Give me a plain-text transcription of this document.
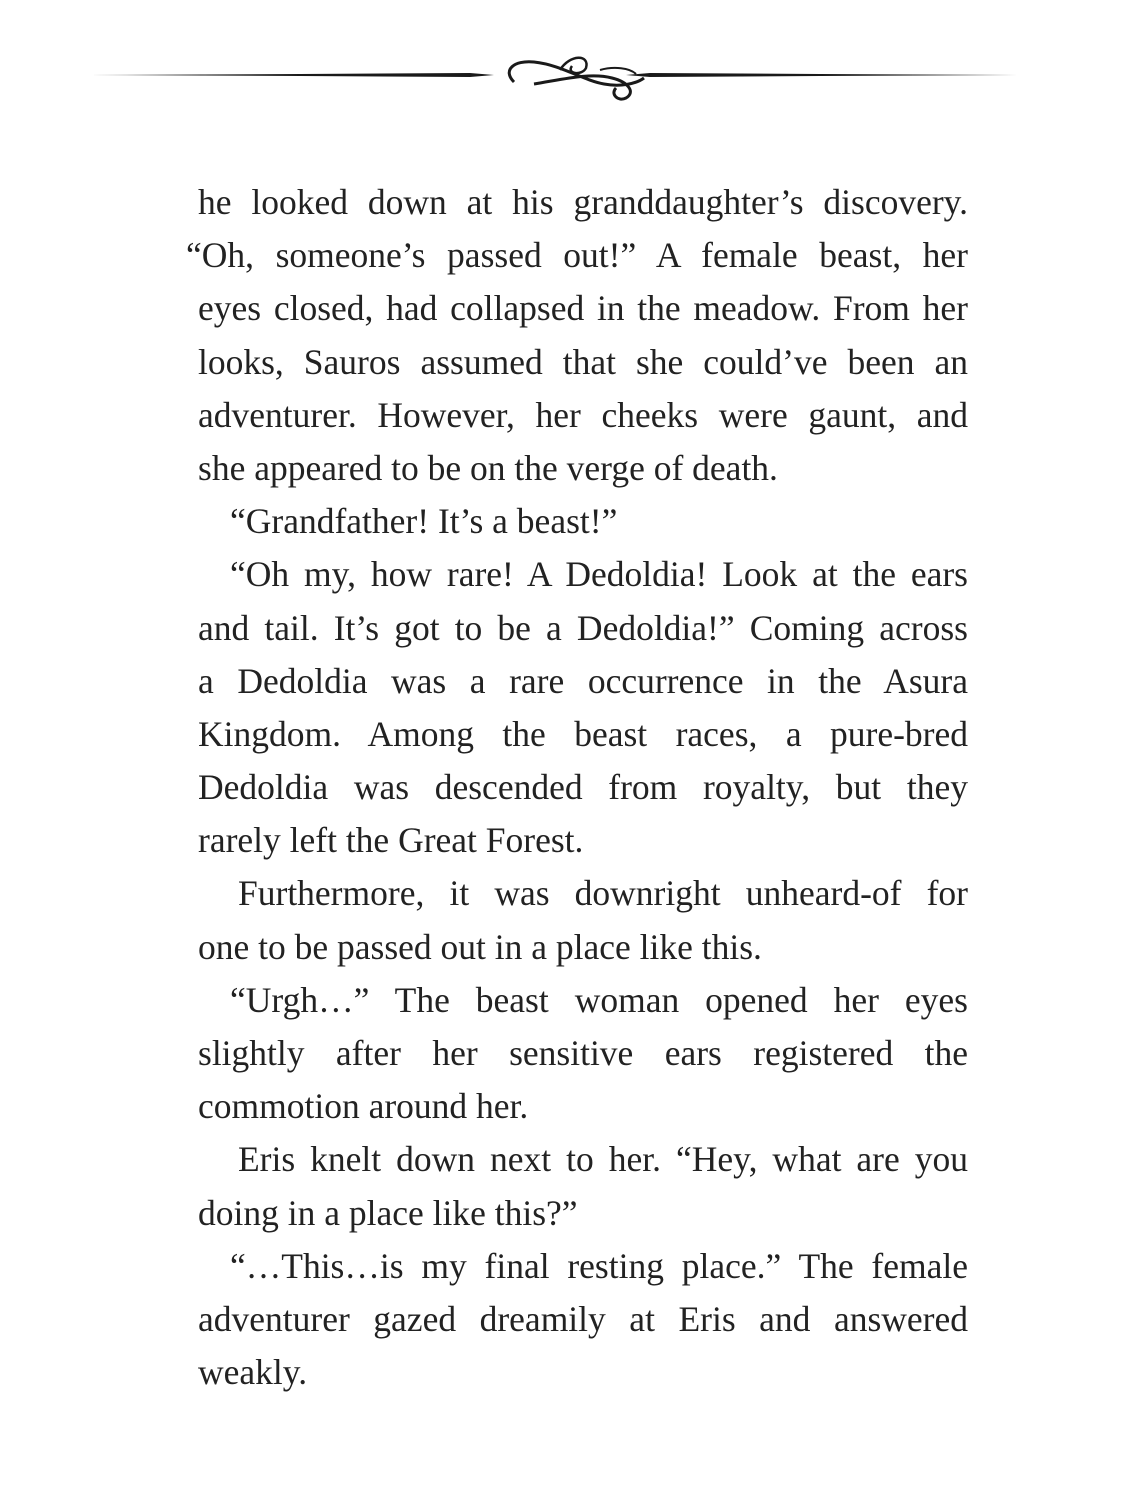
he looked down at his granddaughter’s discovery.
“Oh, someone’s passed out!” A female beast, her
eyes closed, had collapsed in the meadow. From her
looks, Sauros assumed that she could’ve been an
adventurer. However, her cheeks were gaunt, and
she appeared to be on the verge of death.
“Grandfather! It’s a beast!”
“Oh my, how rare! A Dedoldia! Look at the ears
and tail. It’s got to be a Dedoldia!” Coming across
a Dedoldia was a rare occurrence in the Asura
Kingdom. Among the beast races, a pure-bred
Dedoldia was descended from royalty, but they
rarely left the Great Forest.
Furthermore, it was downright unheard-of for
one to be passed out in a place like this.
“Urgh…” The beast woman opened her eyes
slightly after her sensitive ears registered the
commotion around her.
Eris knelt down next to her. “Hey, what are you
doing in a place like this?”
“…This…is my final resting place.” The female
adventurer gazed dreamily at Eris and answered
weakly.
